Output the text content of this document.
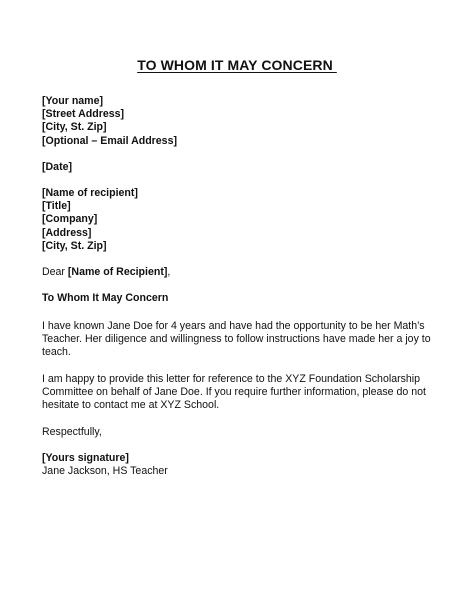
TO WHOM IT MAY CONCERN
[Your name]
[Street Address]
[City, St. Zip]
[Optional – Email Address]
[Date]
[Name of recipient]
[Title]
[Company]
[Address]
[City, St. Zip]
Dear [Name of Recipient],
To Whom It May Concern
I have known Jane Doe for 4 years and have had the opportunity to be her Math’s
Teacher. Her diligence and willingness to follow instructions have made her a joy to
teach.
I am happy to provide this letter for reference to the XYZ Foundation Scholarship
Committee on behalf of Jane Doe. If you require further information, please do not
hesitate to contact me at XYZ School.
Respectfully,
[Yours signature]
Jane Jackson, HS Teacher
